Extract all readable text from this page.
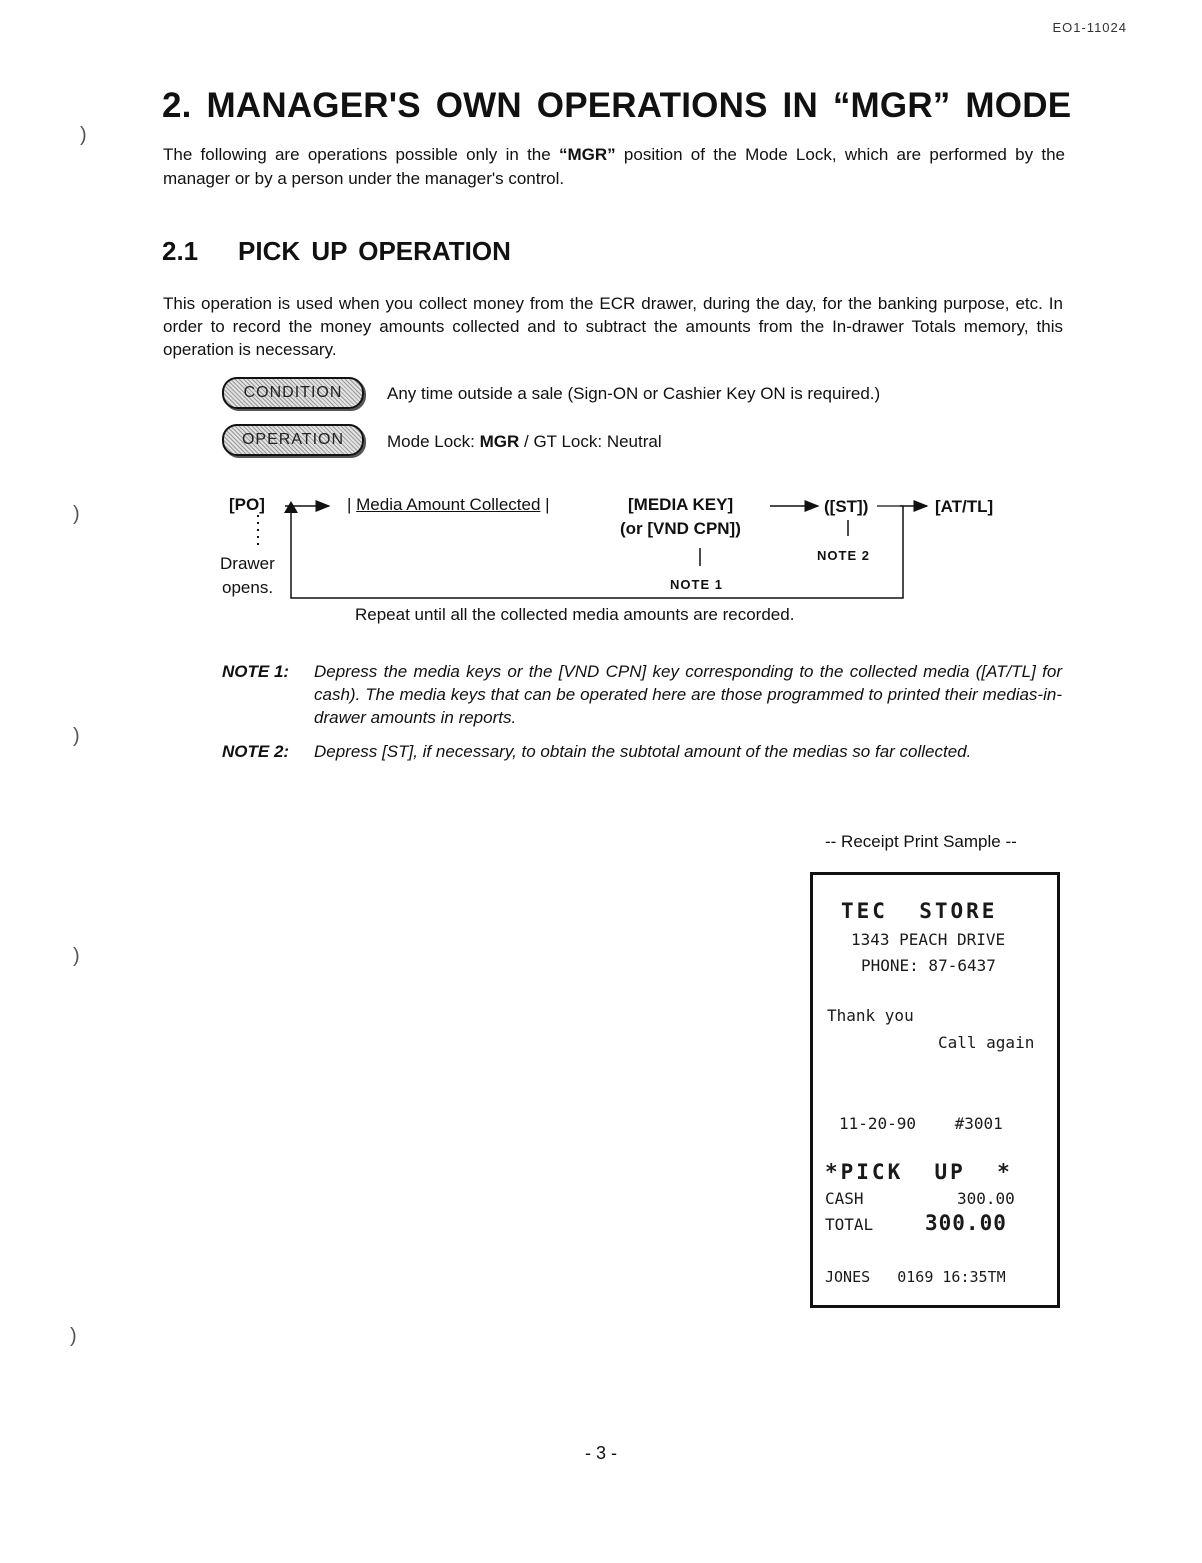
EO1-11024
)
)
)
)
)
2. MANAGER'S OWN OPERATIONS IN “MGR” MODE
The following are operations possible only in the “MGR” position of the Mode Lock, which are performed by the manager or by a person under the manager's control.
2.1 PICK UP OPERATION
This operation is used when you collect money from the ECR drawer, during the day, for the banking purpose, etc. In order to record the money amounts collected and to subtract the amounts from the In-drawer Totals memory, this operation is necessary.
CONDITION	Any time outside a sale (Sign-ON or Cashier Key ON is required.)
OPERATION	Mode Lock: MGR / GT Lock: Neutral
[PO]	| Media Amount Collected |	[MEDIA KEY]
(or [VND CPN])
([ST])	[AT/TL]
Drawer
opens.	NOTE 1
NOTE 2
Repeat until all the collected media amounts are recorded.
NOTE 1: Depress the media keys or the [VND CPN] key corresponding to the collected media ([AT/TL] for cash). The media keys that can be operated here are those programmed to printed their medias-in-drawer amounts in reports.
NOTE 2: Depress [ST], if necessary, to obtain the subtotal amount of the medias so far collected.
-- Receipt Print Sample --
TEC  STORE
1343 PEACH DRIVE
PHONE: 87-6437
Thank you
Call again
11-20-90    #3001
*PICK  UP  *
CASH	300.00
TOTAL 300.00
JONES   0169 16:35TM
- 3 -
